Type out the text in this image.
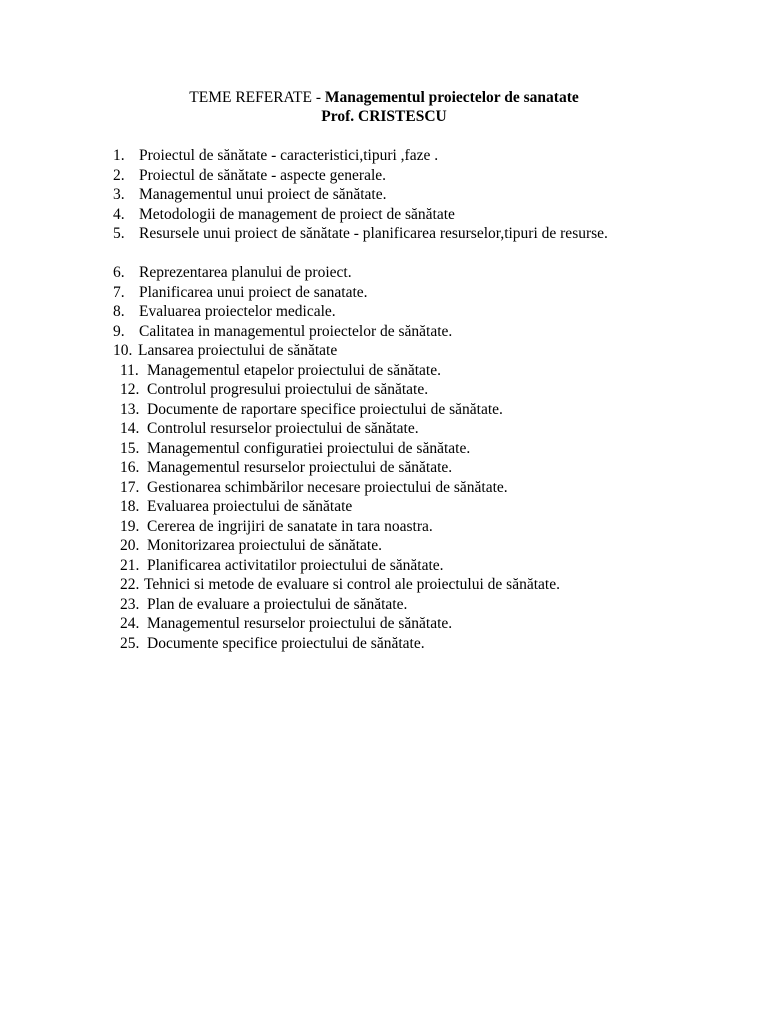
TEME REFERATE - Managementul proiectelor de sanatate
Prof. CRISTESCU
1. Proiectul de sănătate - caracteristici,tipuri ,faze .
2. Proiectul de sănătate - aspecte generale.
3. Managementul unui proiect de sănătate.
4. Metodologii de management de proiect de sănătate
5. Resursele unui proiect de sănătate - planificarea resurselor,tipuri de resurse.
6. Reprezentarea planului de proiect.
7. Planificarea unui proiect de sanatate.
8. Evaluarea proiectelor medicale.
9. Calitatea in managementul proiectelor de sănătate.
10. Lansarea proiectului de sănătate
11. Managementul etapelor proiectului de sănătate.
12. Controlul progresului proiectului de sănătate.
13. Documente de raportare specifice proiectului de sănătate.
14. Controlul resurselor proiectului de sănătate.
15. Managementul configuratiei proiectului de sănătate.
16. Managementul resurselor proiectului de sănătate.
17. Gestionarea schimbărilor necesare proiectului de sănătate.
18. Evaluarea proiectului de sănătate
19. Cererea de ingrijiri de sanatate in tara noastra.
20. Monitorizarea proiectului de sănătate.
21. Planificarea activitatilor proiectului de sănătate.
22. Tehnici si metode de evaluare si control ale proiectului de sănătate.
23. Plan de evaluare a proiectului de sănătate.
24. Managementul resurselor proiectului de sănătate.
25. Documente specifice proiectului de sănătate.
